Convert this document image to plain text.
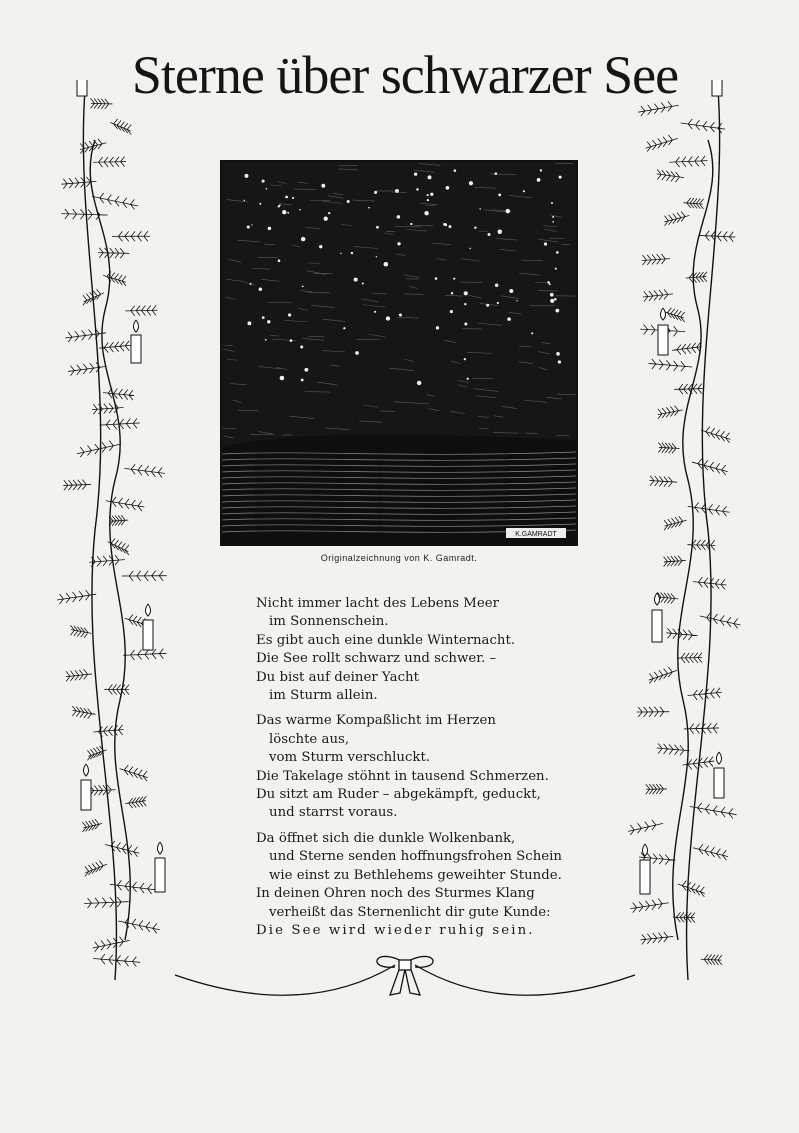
Sterne über schwarzer See
K.GAMRADT
Originalzeichnung von K. Gamradt.
Nicht immer lacht des Lebens Meer
im Sonnenschein.
Es gibt auch eine dunkle Winternacht.
Die See rollt schwarz und schwer. –
Du bist auf deiner Yacht
im Sturm allein.
Das warme Kompaßlicht im Herzen
löschte aus,
vom Sturm verschluckt.
Die Takelage stöhnt in tausend Schmerzen.
Du sitzt am Ruder – abgekämpft, geduckt,
und starrst voraus.
Da öffnet sich die dunkle Wolkenbank,
und Sterne senden hoffnungsfrohen Schein
wie einst zu Bethlehems geweihter Stunde.
In deinen Ohren noch des Sturmes Klang
verheißt das Sternenlicht dir gute Kunde:
Die See wird wieder ruhig sein.
